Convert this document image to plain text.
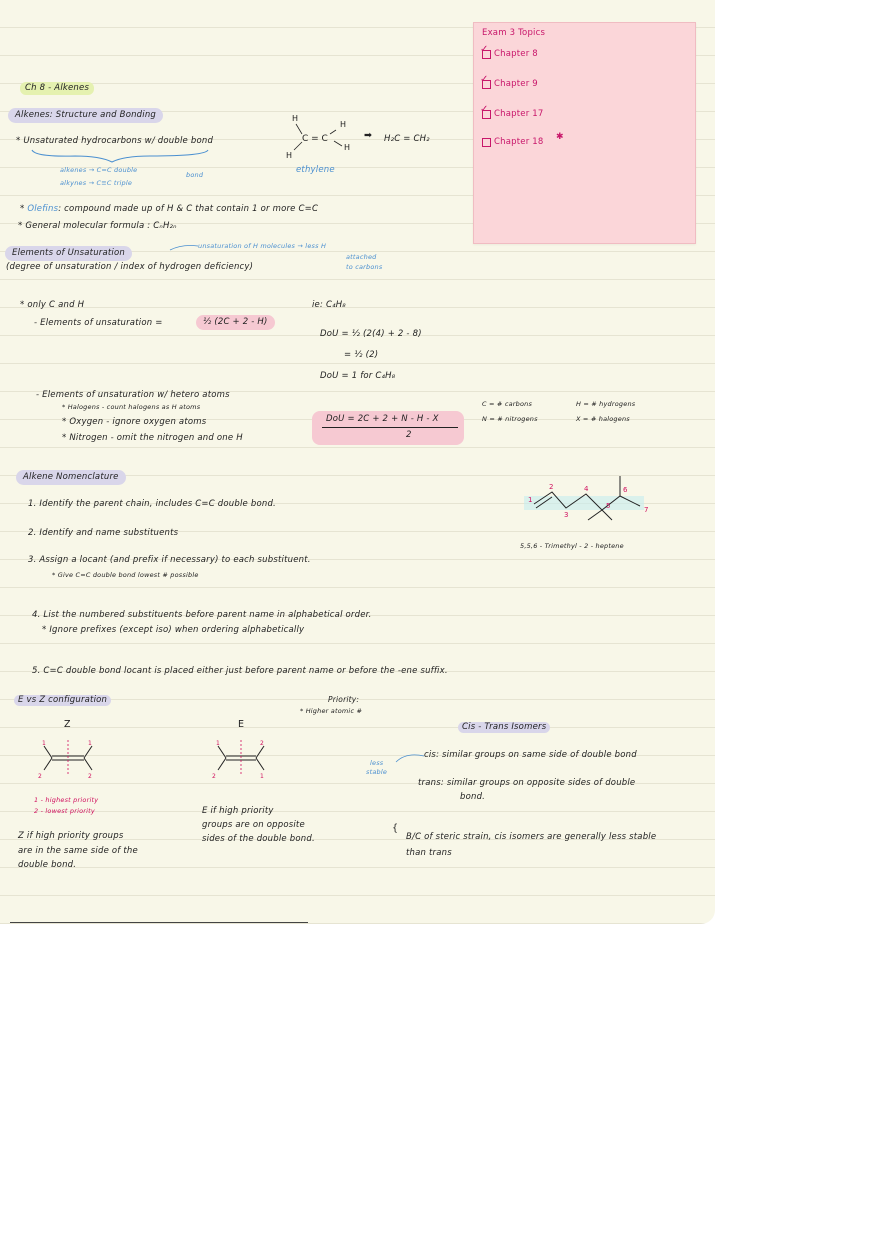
Exam 3 Topics
✓ Chapter 8
✓ Chapter 9
✓ Chapter 17
Chapter 18 ✱
Ch 8 - Alkenes
Alkenes: Structure and Bonding
* Unsaturated hydrocarbons w/ double bond
alkenes → C=C double
bond
alkynes → C≡C triple
H
H
H
H
C = C
ethylene
➡ H₂C = CH₂
* Olefins: compound made up of H & C that contain 1 or more C=C
* General molecular formula : CₙH₂ₙ
Elements of Unsaturation
unsaturation of H molecules → less H
attached
to carbons
(degree of unsaturation / index of hydrogen deficiency)
* only C and H
- Elements of unsaturation =	½ (2C + 2 - H)
ie: C₄H₈
DoU = ½ (2(4) + 2 - 8)
= ½ (2)
DoU = 1 for C₄H₈
- Elements of unsaturation w/ hetero atoms
* Halogens - count halogens as H atoms
* Oxygen - ignore oxygen atoms
* Nitrogen - omit the nitrogen and one H
DoU = 2C + 2 + N - H - X
2
C = # carbons	H = # hydrogens
N = # nitrogens	X = # halogens
Alkene Nomenclature
1. Identify the parent chain, includes C=C double bond.
2. Identify and name substituents
3. Assign a locant (and prefix if necessary) to each substituent.
* Give C=C double bond lowest # possible
4. List the numbered substituents before parent name in alphabetical order.
* Ignore prefixes (except iso) when ordering alphabetically
5. C=C double bond locant is placed either just before parent name or before the -ene suffix.
1
2
3
4
5
6
7
5,5,6 - Trimethyl - 2 - heptene
E vs Z configuration	Priority:
* Higher atomic #
Z	E
1	1
2	2
1	2
2	1
1 - highest priority
2 - lowest priority
Z if high priority groups
are in the same side of the
double bond.
E if high priority
groups are on opposite
sides of the double bond.
Cis - Trans Isomers
less
stable
cis: similar groups on same side of double bond
trans: similar groups on opposite sides of double
bond.
{
B/C of steric strain, cis isomers are generally less stable
than trans
